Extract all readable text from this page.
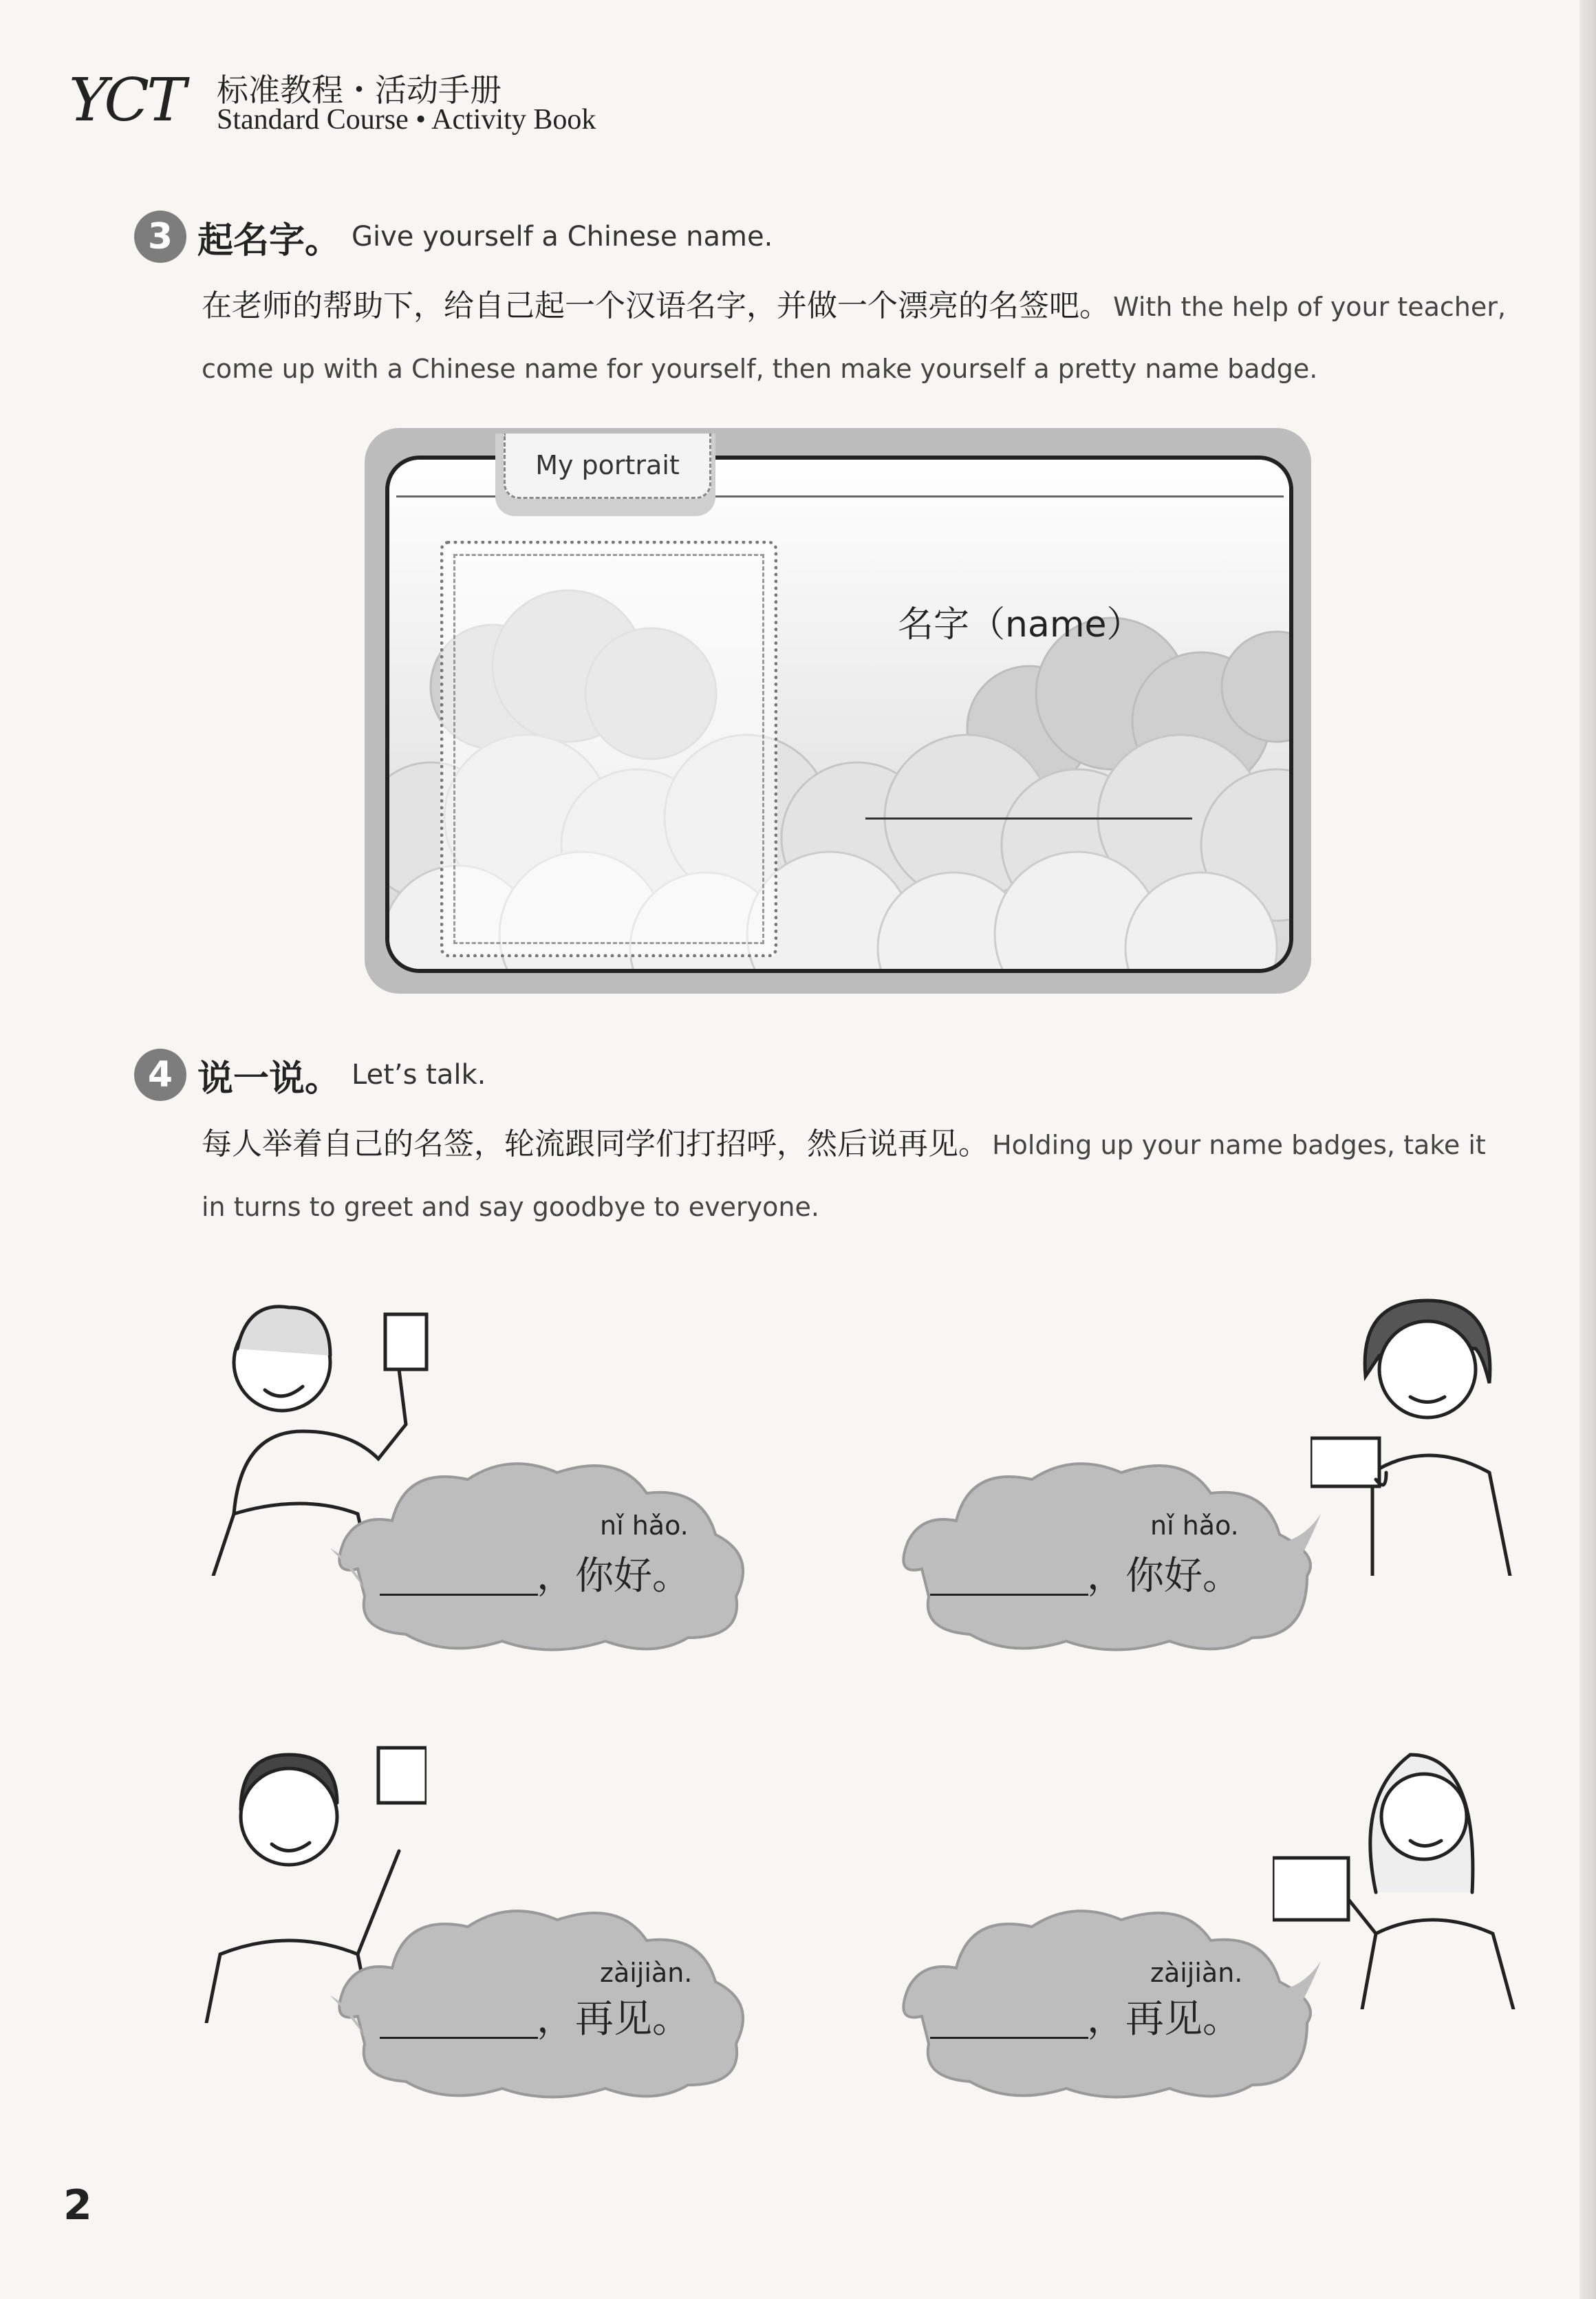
YCT 标准教程・活动手册
Standard Course • Activity Book
3 起名字。 Give yourself a Chinese name.
在老师的帮助下，给自己起一个汉语名字，并做一个漂亮的名签吧。 With the help of your teacher, come up with a Chinese name for yourself, then make yourself a pretty name badge.
My portrait
名字（name）
4 说一说。 Let’s talk.
每人举着自己的名签，轮流跟同学们打招呼，然后说再见。 Holding up your name badges, take it in turns to greet and say goodbye to everyone.
nǐ hǎo.
，你好。
nǐ hǎo.
，你好。
zàijiàn.
，再见。
zàijiàn.
，再见。
2
